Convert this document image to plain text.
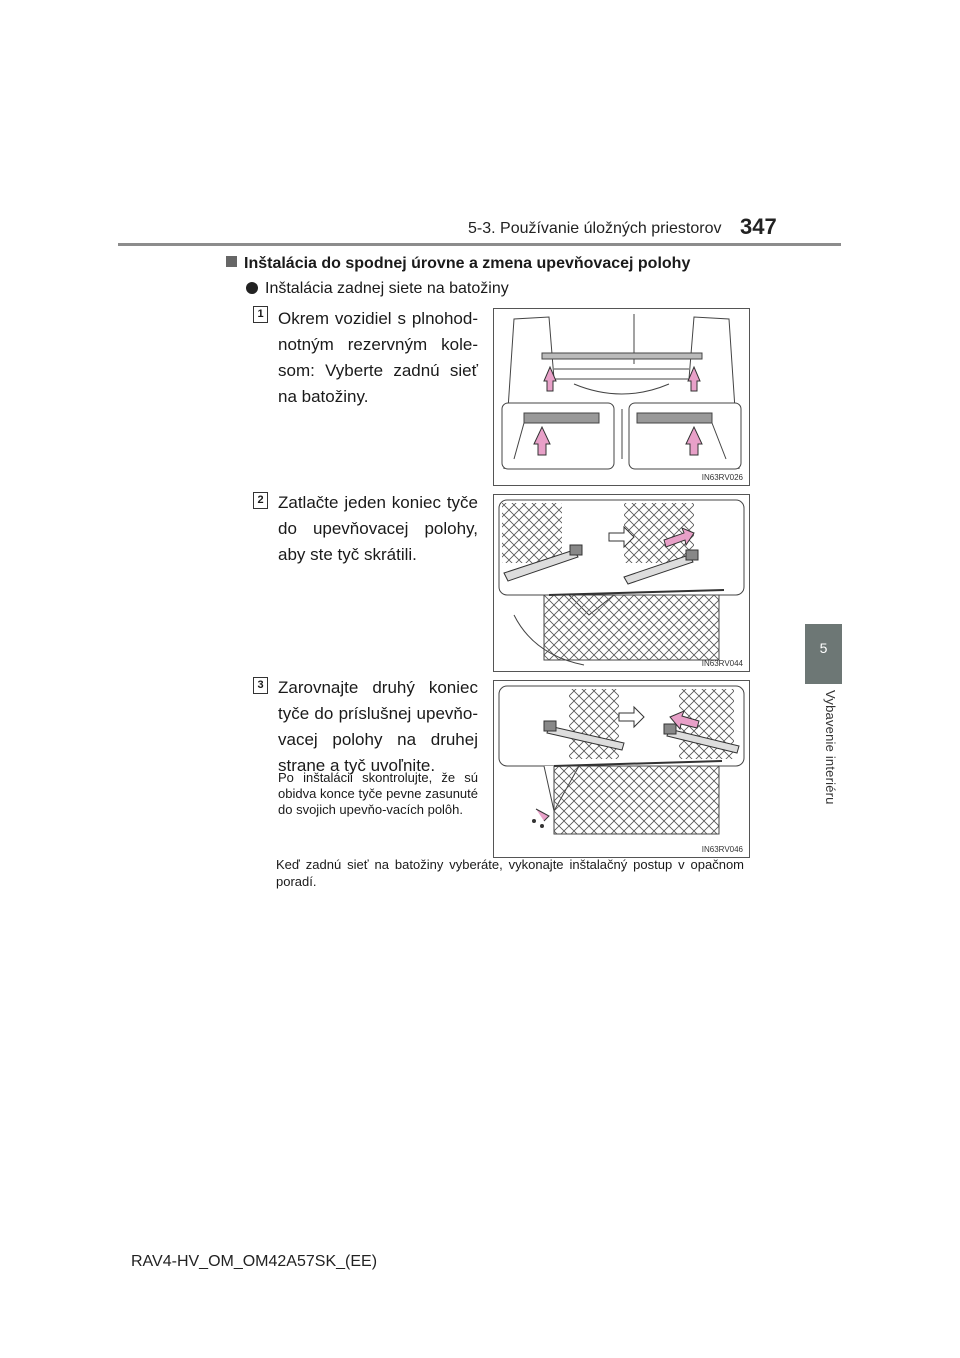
5-3. Používanie úložných priestorov 347
5
Vybavenie interiéru
Inštalácia do spodnej úrovne a zmena upevňovacej polohy
Inštalácia zadnej siete na batožiny
1 Okrem vozidiel s plnohod-notným rezervným kole-som: Vyberte zadnú sieť na batožiny.
IN63RV026
2 Zatlačte jeden koniec tyče do upevňovacej polohy, aby ste tyč skrátili.
IN63RV044
3 Zarovnajte druhý koniec tyče do príslušnej upevňo-vacej polohy na druhej strane a tyč uvoľnite.
Po inštalácii skontrolujte, že sú obidva konce tyče pevne zasunuté do svojich upevňo-vacích polôh.
IN63RV046
Keď zadnú sieť na batožiny vyberáte, vykonajte inštalačný postup v opačnom poradí.
RAV4-HV_OM_OM42A57SK_(EE)
